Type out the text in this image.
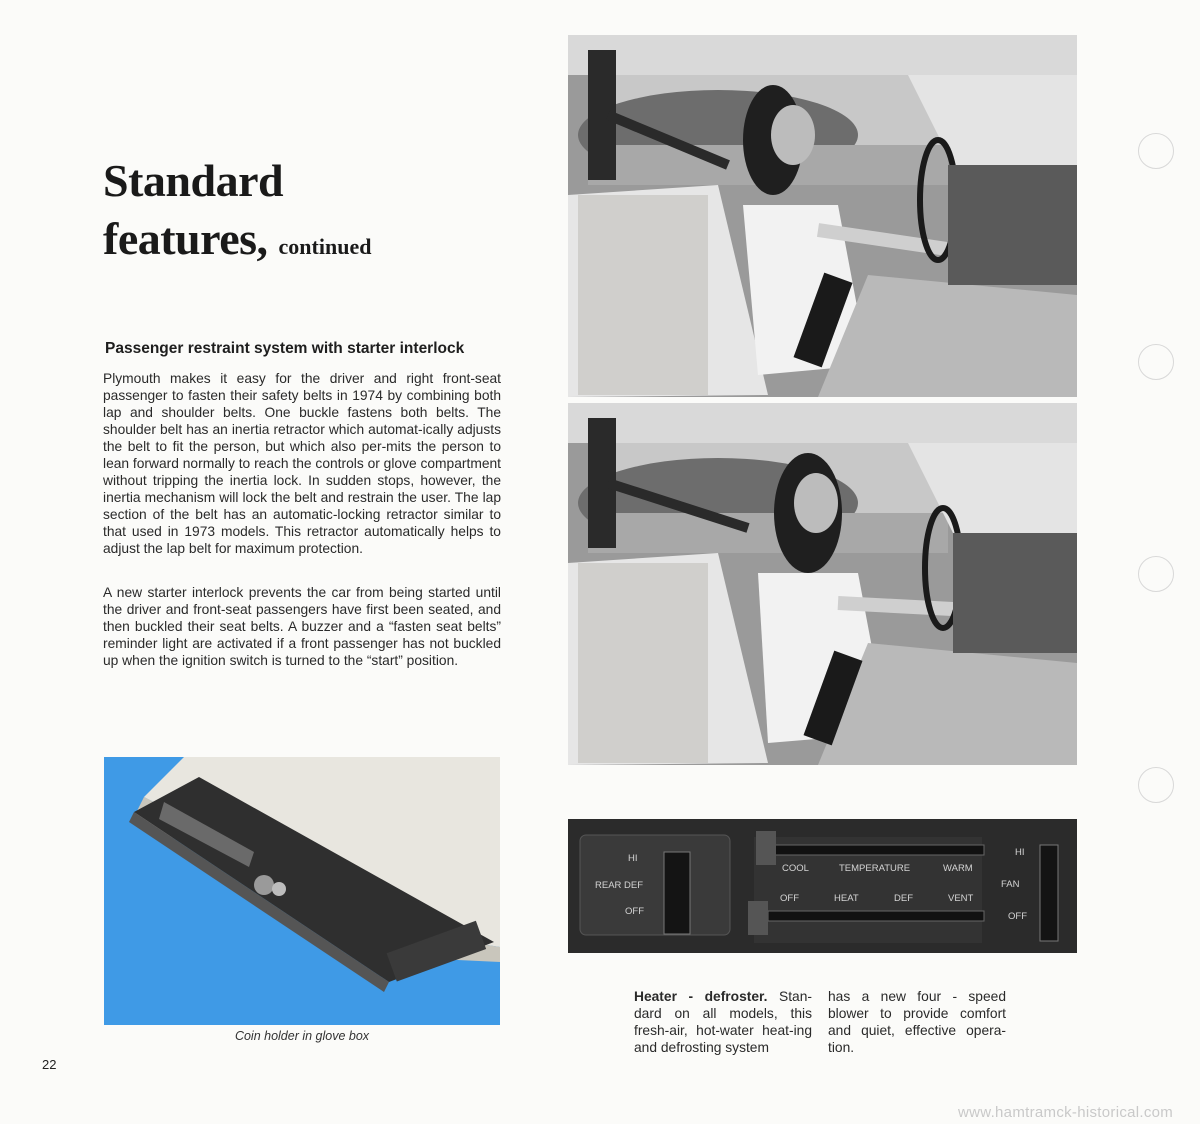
Standard
features, continued
Passenger restraint system with starter interlock

Plymouth makes it easy for the driver and right front-seat passenger to fasten their safety belts in 1974 by combining both lap and shoulder belts. One buckle fastens both belts. The shoulder belt has an inertia retractor which automat-ically adjusts the belt to fit the person, but which also per-mits the person to lean forward normally to reach the controls or glove compartment without tripping the inertia lock. In sudden stops, however, the inertia mechanism will lock the belt and restrain the user. The lap section of the belt has an automatic-locking retractor similar to that used in 1973 models. This retractor automatically helps to adjust the lap belt for maximum protection.

A new starter interlock prevents the car from being started until the driver and front-seat passengers have first been seated, and then buckled their seat belts. A buzzer and a “fasten seat belts” reminder light are activated if a front passenger has not buckled up when the ignition switch is turned to the “start” position.

Coin holder in glove box
22
HI
REAR DEF
OFF
COOL	TEMPERATURE	WARM
OFF	HEAT	DEF	VENT
HI
FAN
OFF

Heater - defroster. Stan-dard on all models, this fresh-air, hot-water heat-ing and defrosting system

has a new four - speed blower to provide comfort and quiet, effective opera-tion.

www.hamtramck-historical.com
